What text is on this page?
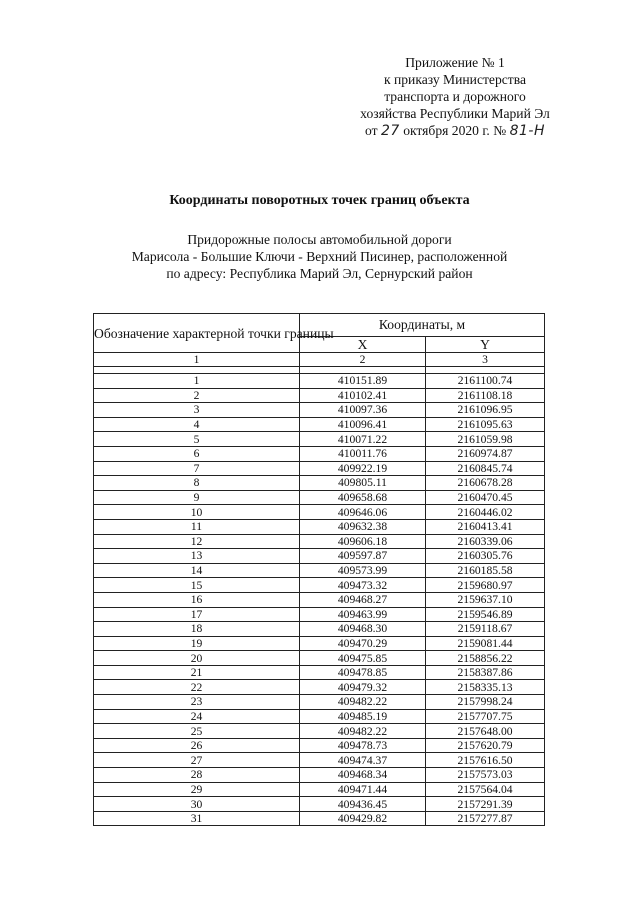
Приложение № 1
к приказу Министерства
транспорта и дорожного
хозяйства Республики Марий Эл
от 27 октября 2020 г. № 81-Н
Координаты поворотных точек границ объекта
Придорожные полосы автомобильной дороги
Марисола - Большие Ключи - Верхний Писинер, расположенной
по адресу: Республика Марий Эл, Сернурский район
Обозначение характерной точки границы	Координаты, м	
	X	Y
1	2	3

1	410151.89	2161100.74
2	410102.41	2161108.18
3	410097.36	2161096.95
4	410096.41	2161095.63
5	410071.22	2161059.98
6	410011.76	2160974.87
7	409922.19	2160845.74
8	409805.11	2160678.28
9	409658.68	2160470.45
10	409646.06	2160446.02
11	409632.38	2160413.41
12	409606.18	2160339.06
13	409597.87	2160305.76
14	409573.99	2160185.58
15	409473.32	2159680.97
16	409468.27	2159637.10
17	409463.99	2159546.89
18	409468.30	2159118.67
19	409470.29	2159081.44
20	409475.85	2158856.22
21	409478.85	2158387.86
22	409479.32	2158335.13
23	409482.22	2157998.24
24	409485.19	2157707.75
25	409482.22	2157648.00
26	409478.73	2157620.79
27	409474.37	2157616.50
28	409468.34	2157573.03
29	409471.44	2157564.04
30	409436.45	2157291.39
31	409429.82	2157277.87
